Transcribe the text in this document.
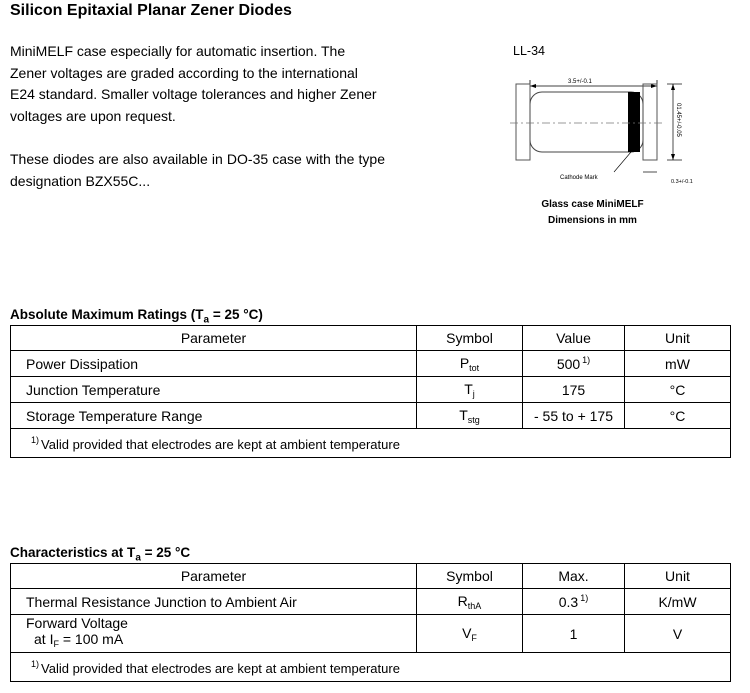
Silicon Epitaxial Planar Zener Diodes
MiniMELF case especially for automatic insertion. The Zener voltages are graded according to the international E24 standard. Smaller voltage tolerances and higher Zener voltages are upon request.
These diodes are also available in DO-35 case with the type designation BZX55C...
LL-34
3.5+/-0.1
01.45+/-0.05
0.3+/-0.1
Cathode Mark
Glass case MiniMELF
Dimensions in mm
Absolute Maximum Ratings ($T_a = 25$ °C)
Parameter	Symbol	Value	Unit
Power Dissipation	$P_{tot}$	500 $^{1)}$	mW
Junction Temperature	$T_j$	175	°C
Storage Temperature Range	$T_{stg}$	- 55 to + 175	°C
$^{1)}$ Valid provided that electrodes are kept at ambient temperature			
Characteristics at $T_a = 25$ °C
Parameter	Symbol	Max.	Unit
Thermal Resistance Junction to Ambient Air	$R_{thA}$	0.3 $^{1)}$	K/mW

Forward Voltage
at $I_F = 100$ mA	$V_F$	1	V
$^{1)}$ Valid provided that electrodes are kept at ambient temperature			
